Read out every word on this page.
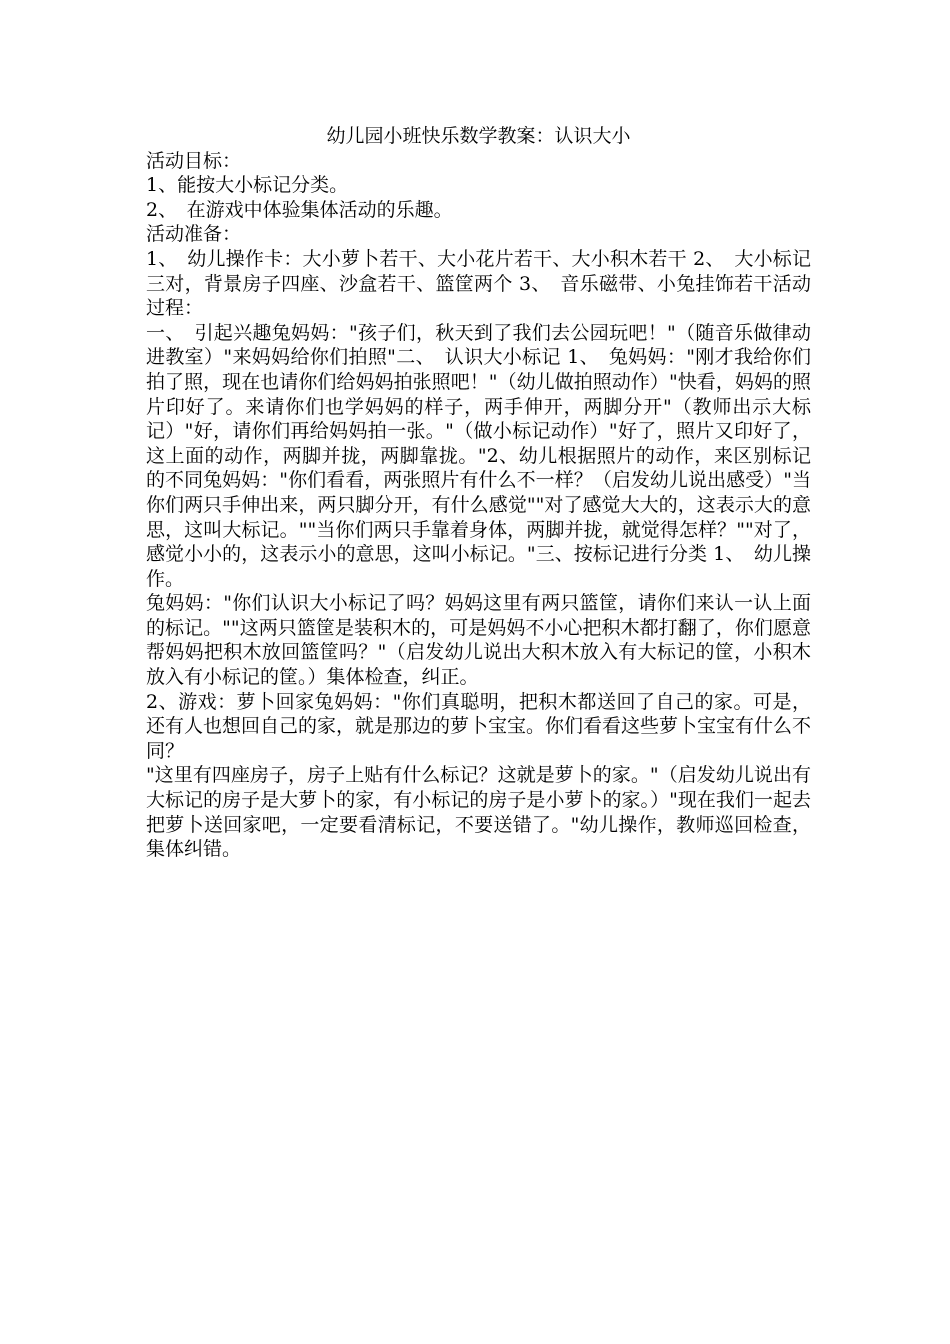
幼儿园小班快乐数学教案：认识大小

活动目标：

1、能按大小标记分类。

2、　在游戏中体验集体活动的乐趣。

活动准备：

1、　幼儿操作卡：大小萝卜若干、大小花片若干、大小积木若干 2、　大小标记三对，背景房子四座、沙盒若干、篮筐两个 3、　音乐磁带、小兔挂饰若干活动过程：

一、　引起兴趣兔妈妈："孩子们，秋天到了我们去公园玩吧！"（随音乐做律动进教室）"来妈妈给你们拍照"二、　认识大小标记 1、　兔妈妈："刚才我给你们拍了照，现在也请你们给妈妈拍张照吧！"（幼儿做拍照动作）"快看，妈妈的照片印好了。来请你们也学妈妈的样子，两手伸开，两脚分开"（教师出示大标记）"好，请你们再给妈妈拍一张。"（做小标记动作）"好了，照片又印好了，这上面的动作，两脚并拢，两脚靠拢。"2、幼儿根据照片的动作，来区别标记的不同兔妈妈："你们看看，两张照片有什么不一样？（启发幼儿说出感受）"当你们两只手伸出来，两只脚分开，有什么感觉""对了感觉大大的，这表示大的意思，这叫大标记。""当你们两只手靠着身体，两脚并拢，就觉得怎样？""对了，感觉小小的，这表示小的意思，这叫小标记。"三、按标记进行分类 1、　幼儿操作。

兔妈妈："你们认识大小标记了吗？妈妈这里有两只篮筐，请你们来认一认上面的标记。""这两只篮筐是装积木的，可是妈妈不小心把积木都打翻了，你们愿意帮妈妈把积木放回篮筐吗？"（启发幼儿说出大积木放入有大标记的筐，小积木放入有小标记的筐。）集体检查，纠正。

2、游戏：萝卜回家兔妈妈："你们真聪明，把积木都送回了自己的家。可是，还有人也想回自己的家，就是那边的萝卜宝宝。你们看看这些萝卜宝宝有什么不同？

"这里有四座房子，房子上贴有什么标记？这就是萝卜的家。"（启发幼儿说出有大标记的房子是大萝卜的家，有小标记的房子是小萝卜的家。）"现在我们一起去把萝卜送回家吧，一定要看清标记，不要送错了。"幼儿操作，教师巡回检查，集体纠错。
